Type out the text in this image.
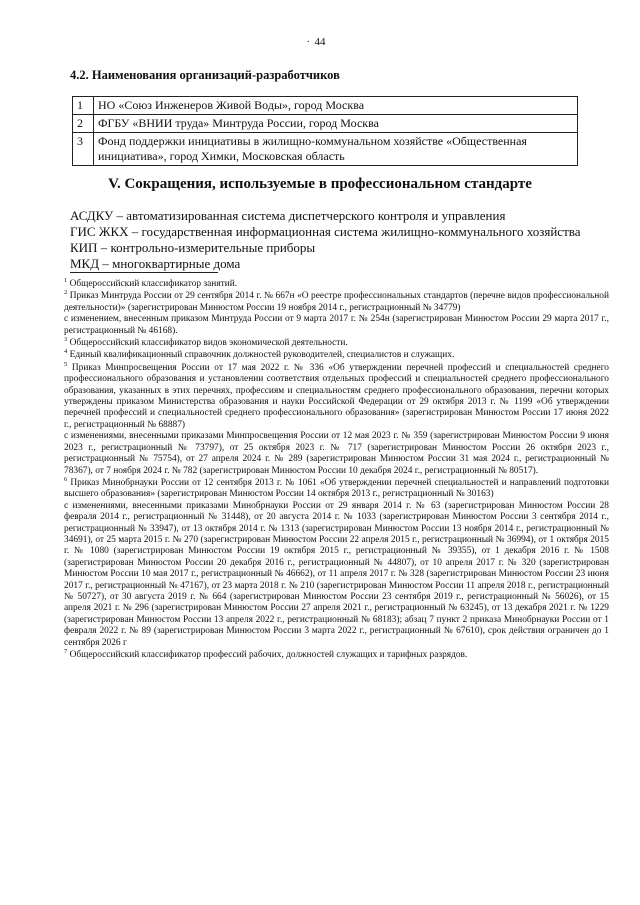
. 44
4.2. Наименования организаций-разработчиков
1	НО «Союз Инженеров Живой Воды», город Москва
2	ФГБУ «ВНИИ труда» Минтруда России, город Москва
3	Фонд поддержки инициативы в жилищно-коммунальном хозяйстве «Общественная инициатива», город Химки, Московская область
V. Сокращения, используемые в профессиональном стандарте
АСДКУ – автоматизированная система диспетчерского контроля и управления
ГИС ЖКХ – государственная информационная система жилищно-коммунального хозяйства
КИП – контрольно-измерительные приборы
МКД – многоквартирные дома

$^1$ Общероссийский классификатор занятий.

$^2$ Приказ Минтруда России от 29 сентября 2014 г. № 667н «О реестре профессиональных стандартов (перечне видов профессиональной деятельности)» (зарегистрирован Минюстом России 19 ноября 2014 г., регистрационный № 34779)

с изменением, внесенным приказом Минтруда России от 9 марта 2017 г. № 254н (зарегистрирован Минюстом России 29 марта 2017 г., регистрационный № 46168).

$^3$ Общероссийский классификатор видов экономической деятельности.

$^4$ Единый квалификационный справочник должностей руководителей, специалистов и служащих.

$^5$ Приказ Минпросвещения России от 17 мая 2022 г. № 336 «Об утверждении перечней профессий и специальностей среднего профессионального образования и установлении соответствия отдельных профессий и специальностей среднего профессионального образования, указанных в этих перечнях, профессиям и специальностям среднего профессионального образования, перечни которых утверждены приказом Министерства образования и науки Российской Федерации от 29 октября 2013 г. № 1199 «Об утверждении перечней профессий и специальностей среднего профессионального образования» (зарегистрирован Минюстом России 17 июня 2022 г., регистрационный № 68887)

с изменениями, внесенными приказами Минпросвещения России от 12 мая 2023 г. № 359 (зарегистрирован Минюстом России 9 июня 2023 г., регистрационный № 73797), от 25 октября 2023 г. № 717 (зарегистрирован Минюстом России 26 октября 2023 г., регистрационный № 75754), от 27 апреля 2024 г. № 289 (зарегистрирован Минюстом России 31 мая 2024 г., регистрационный № 78367), от 7 ноября 2024 г. № 782 (зарегистрирован Минюстом России 10 декабря 2024 г., регистрационный № 80517).

$^6$ Приказ Минобрнауки России от 12 сентября 2013 г. № 1061 «Об утверждении перечней специальностей и направлений подготовки высшего образования» (зарегистрирован Минюстом России 14 октября 2013 г., регистрационный № 30163)

с изменениями, внесенными приказами Минобрнауки России от 29 января 2014 г. № 63 (зарегистрирован Минюстом России 28 февраля 2014 г., регистрационный № 31448), от 20 августа 2014 г. № 1033 (зарегистрирован Минюстом России 3 сентября 2014 г., регистрационный № 33947), от 13 октября 2014 г. № 1313 (зарегистрирован Минюстом России 13 ноября 2014 г., регистрационный № 34691), от 25 марта 2015 г. № 270 (зарегистрирован Минюстом России 22 апреля 2015 г., регистрационный № 36994), от 1 октября 2015 г. № 1080 (зарегистрирован Минюстом России 19 октября 2015 г., регистрационный № 39355), от 1 декабря 2016 г. № 1508 (зарегистрирован Минюстом России 20 декабря 2016 г., регистрационный № 44807), от 10 апреля 2017 г. № 320 (зарегистрирован Минюстом России 10 мая 2017 г., регистрационный № 46662), от 11 апреля 2017 г. № 328 (зарегистрирован Минюстом России 23 июня 2017 г., регистрационный № 47167), от 23 марта 2018 г. № 210 (зарегистрирован Минюстом России 11 апреля 2018 г., регистрационный № 50727), от 30 августа 2019 г. № 664 (зарегистрирован Минюстом России 23 сентября 2019 г., регистрационный № 56026), от 15 апреля 2021 г. № 296 (зарегистрирован Минюстом России 27 апреля 2021 г., регистрационный № 63245), от 13 декабря 2021 г. № 1229 (зарегистрирован Минюстом России 13 апреля 2022 г., регистрационный № 68183); абзац 7 пункт 2 приказа Минобрнауки России от 1 февраля 2022 г. № 89 (зарегистрирован Минюстом России 3 марта 2022 г., регистрационный № 67610), срок действия ограничен до 1 сентября 2026 г

$^7$ Общероссийский классификатор профессий рабочих, должностей служащих и тарифных разрядов.
